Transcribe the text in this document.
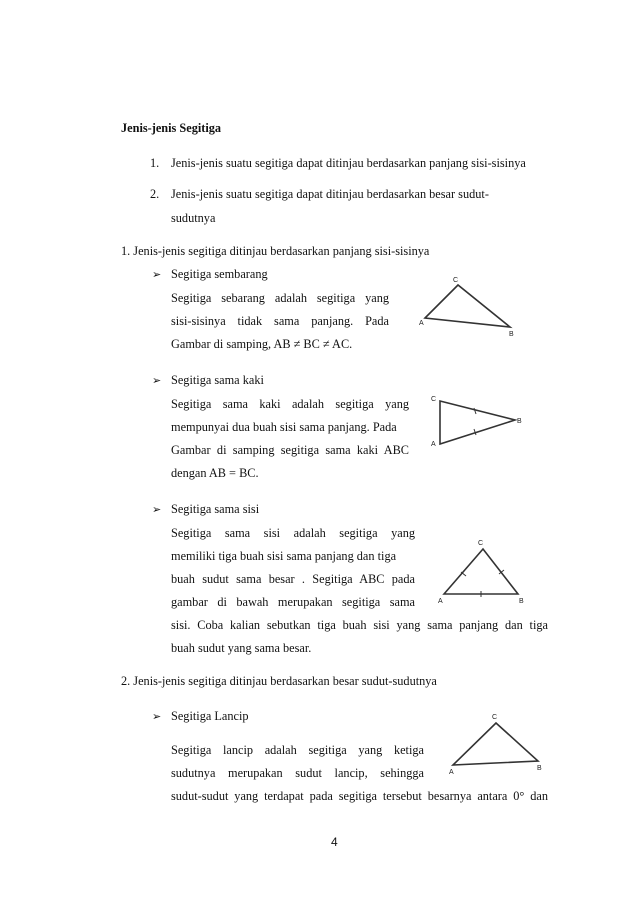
Jenis-jenis Segitiga
1. Jenis-jenis suatu segitiga dapat ditinjau berdasarkan panjang sisi-sisinya
2. Jenis-jenis suatu segitiga dapat ditinjau berdasarkan besar sudut-
sudutnya
1. Jenis-jenis segitiga ditinjau berdasarkan panjang sisi-sisinya
➢ Segitiga sembarang
Segitiga sebarang adalah segitiga yang
sisi-sisinya tidak sama panjang. Pada
Gambar di samping, AB ≠ BC ≠ AC.
A
B
C
➢ Segitiga sama kaki
Segitiga sama kaki adalah segitiga yang
mempunyai dua buah sisi sama panjang. Pada
Gambar di samping segitiga sama kaki ABC
dengan AB = BC.
C
A
B
➢ Segitiga sama sisi
Segitiga sama sisi adalah segitiga yang
memiliki tiga buah sisi sama panjang dan tiga
buah sudut sama besar . Segitiga ABC pada
gambar di bawah merupakan segitiga sama
sisi. Coba kalian sebutkan tiga buah sisi yang sama panjang dan tiga
buah sudut yang sama besar.
C
A	B
2. Jenis-jenis segitiga ditinjau berdasarkan besar sudut-sudutnya
➢ Segitiga Lancip
Segitiga lancip adalah segitiga yang ketiga
sudutnya merupakan sudut lancip, sehingga
sudut-sudut yang terdapat pada segitiga tersebut besarnya antara 0° dan
C
A
B
4
